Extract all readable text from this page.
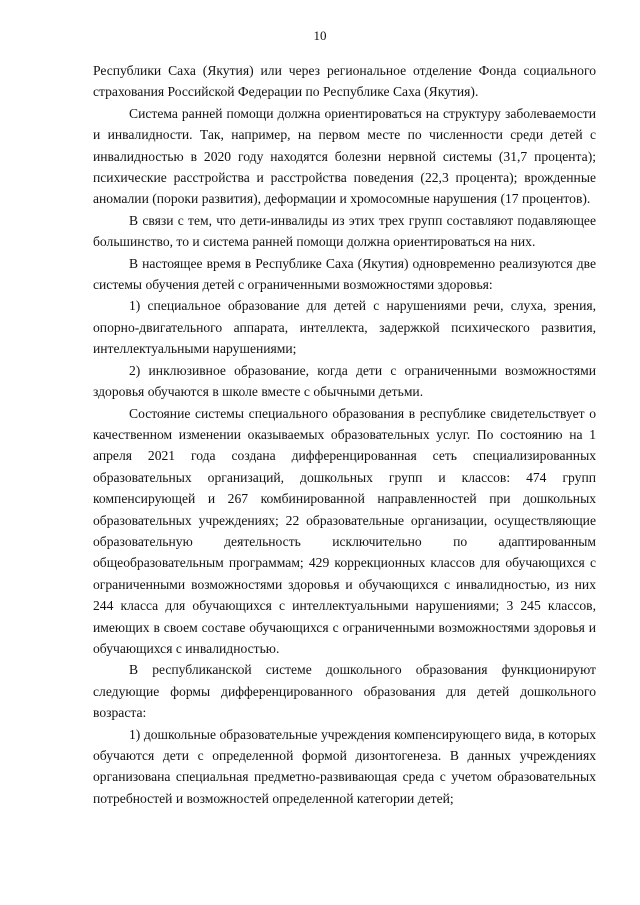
10

Республики Саха (Якутия) или через региональное отделение Фонда социального страхования Российской Федерации по Республике Саха (Якутия).

Система ранней помощи должна ориентироваться на структуру заболеваемости и инвалидности. Так, например, на первом месте по численности среди детей с инвалидностью в 2020 году находятся болезни нервной системы (31,7 процента); психические расстройства и расстройства поведения (22,3 процента); врожденные аномалии (пороки развития), деформации и хромосомные нарушения (17 процентов).

В связи с тем, что дети-инвалиды из этих трех групп составляют подавляющее большинство, то и система ранней помощи должна ориентироваться на них.

В настоящее время в Республике Саха (Якутия) одновременно реализуются две системы обучения детей с ограниченными возможностями здоровья:

1) специальное образование для детей с нарушениями речи, слуха, зрения, опорно-двигательного аппарата, интеллекта, задержкой психического развития, интеллектуальными нарушениями;

2) инклюзивное образование, когда дети с ограниченными возможностями здоровья обучаются в школе вместе с обычными детьми.

Состояние системы специального образования в республике свидетельствует о качественном изменении оказываемых образовательных услуг. По состоянию на 1 апреля 2021 года создана дифференцированная сеть специализированных образовательных организаций, дошкольных групп и классов: 474 групп компенсирующей и 267 комбинированной направленностей при дошкольных образовательных учреждениях; 22 образовательные организации, осуществляющие образовательную деятельность исключительно по адаптированным общеобразовательным программам; 429 коррекционных классов для обучающихся с ограниченными возможностями здоровья и обучающихся с инвалидностью, из них 244 класса для обучающихся с интеллектуальными нарушениями; 3 245 классов, имеющих в своем составе обучающихся с ограниченными возможностями здоровья и обучающихся с инвалидностью.

В республиканской системе дошкольного образования функционируют следующие формы дифференцированного образования для детей дошкольного возраста:

1) дошкольные образовательные учреждения компенсирующего вида, в которых обучаются дети с определенной формой дизонтогенеза. В данных учреждениях организована специальная предметно-развивающая среда с учетом образовательных потребностей и возможностей определенной категории детей;
